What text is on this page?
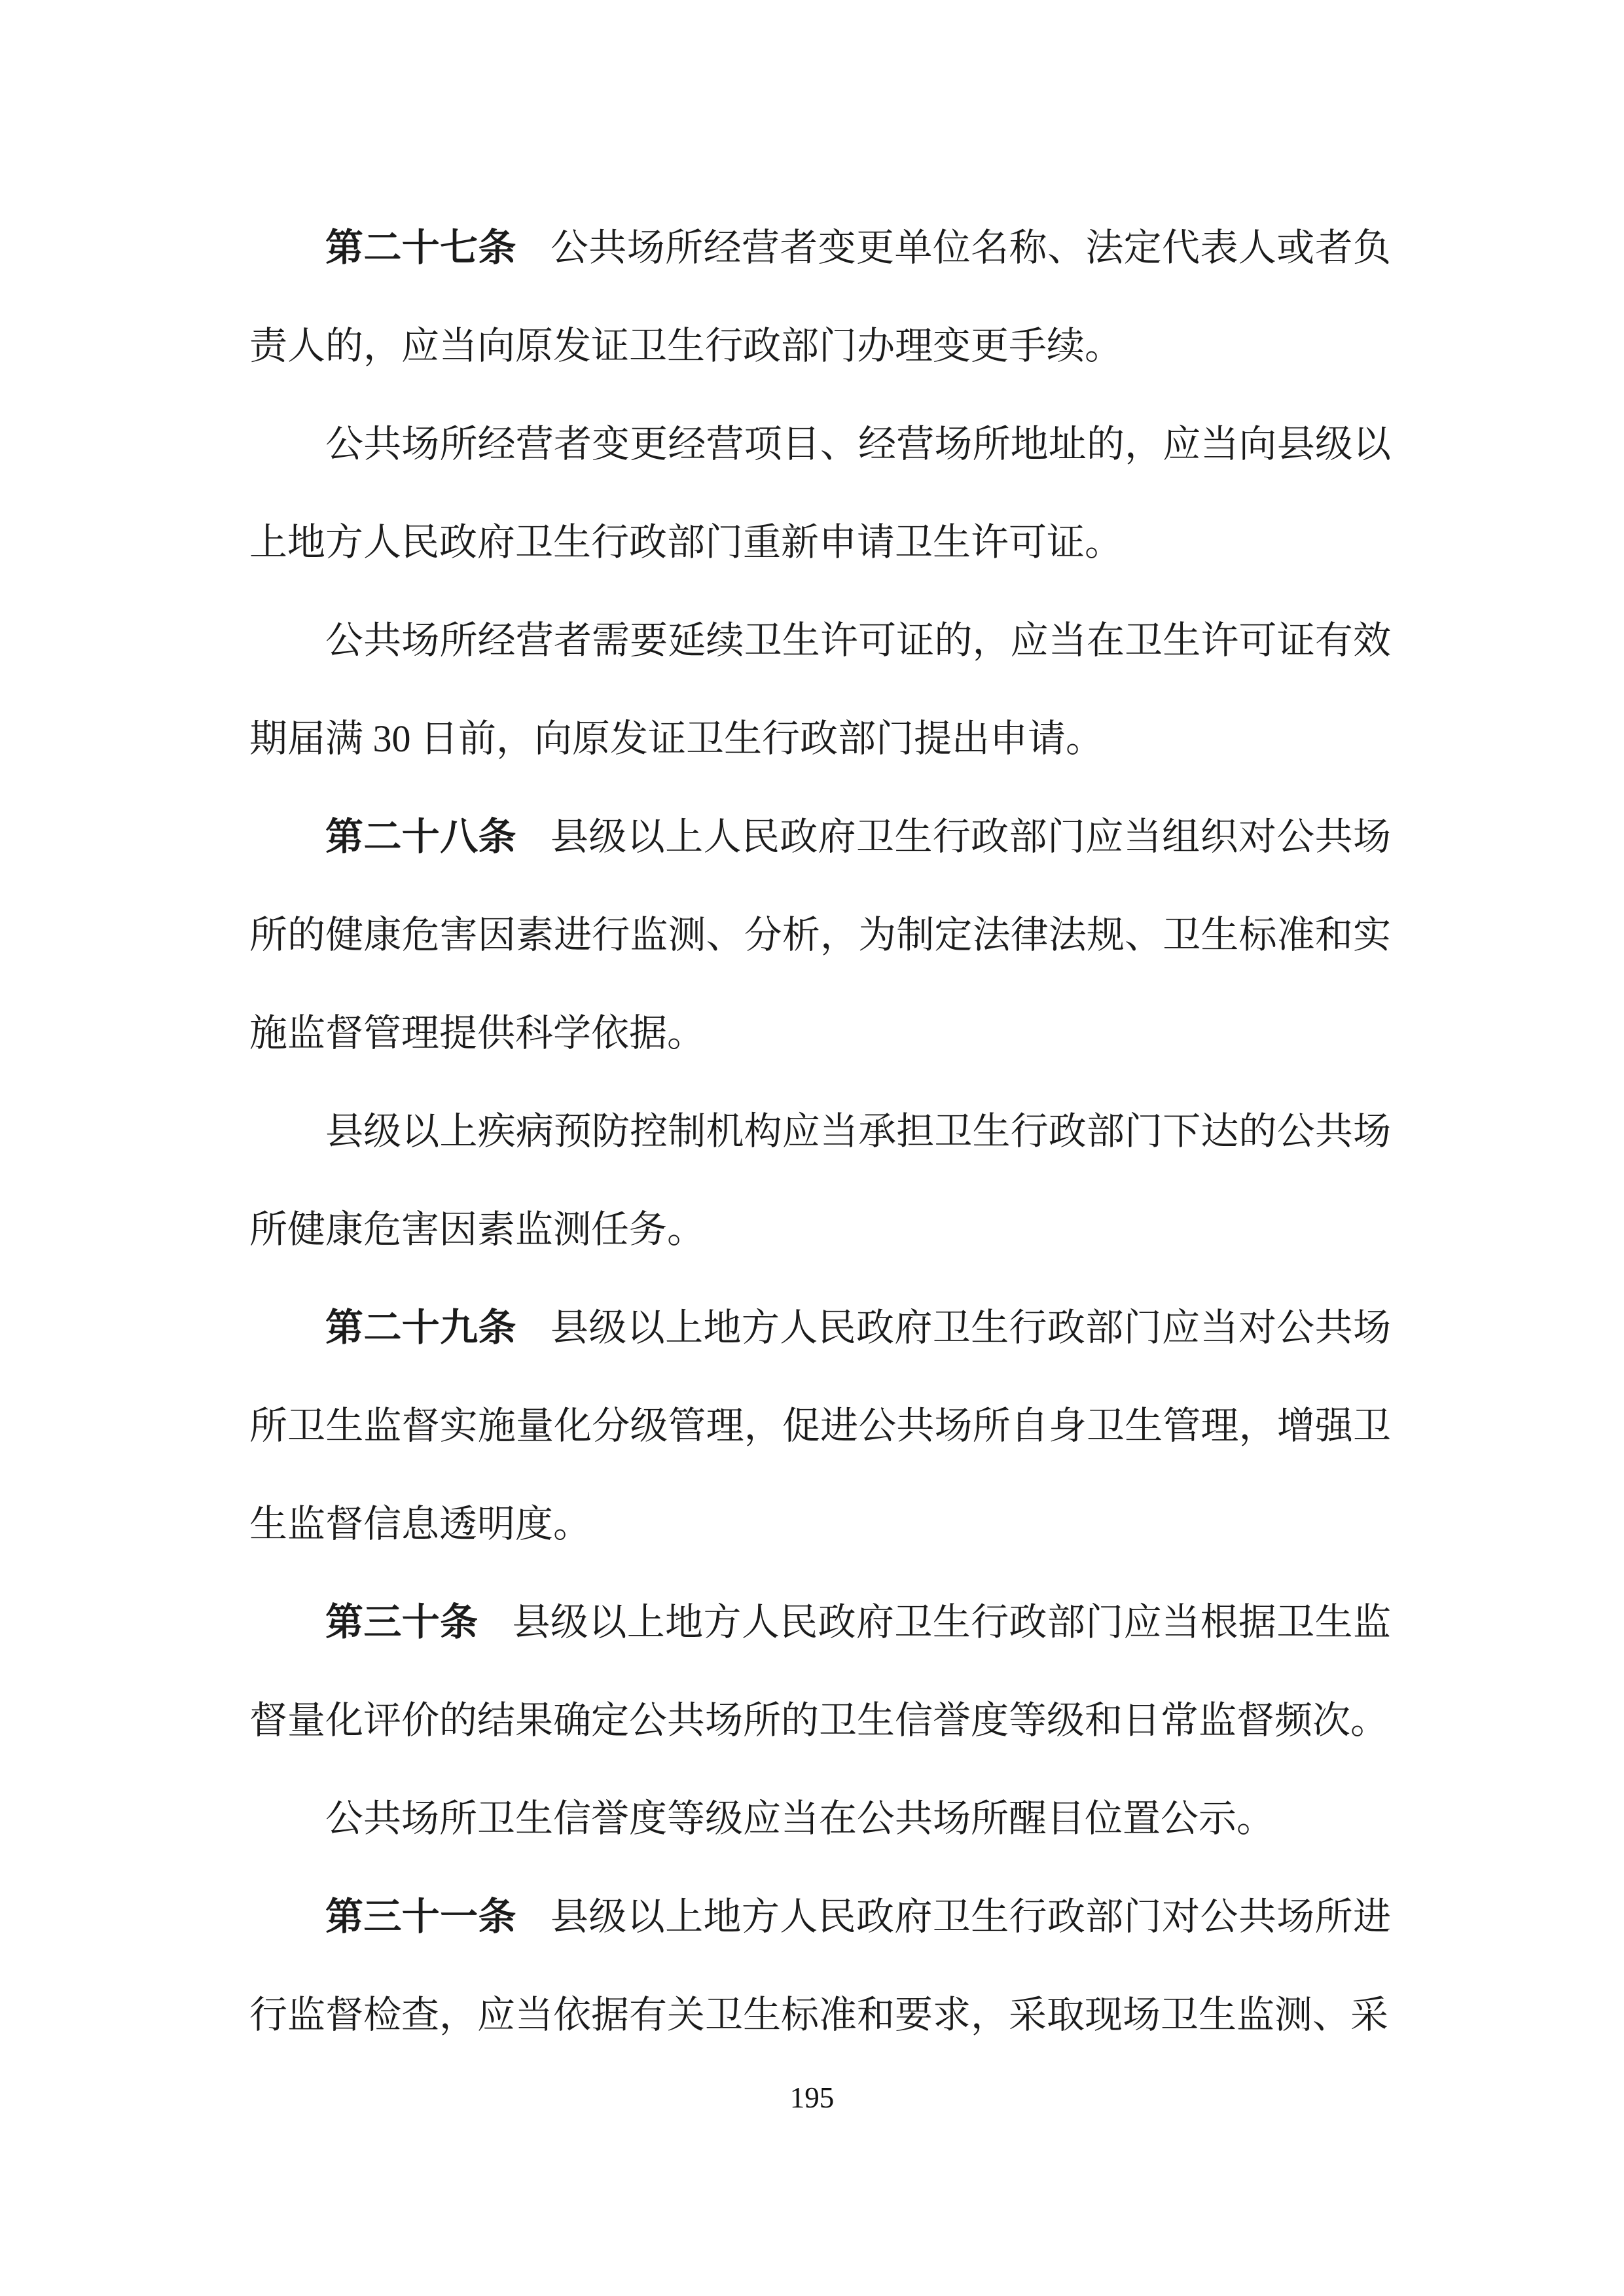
第二十七条 公共场所经营者变更单位名称、法定代表人或者负责人的，应当向原发证卫生行政部门办理变更手续。

公共场所经营者变更经营项目、经营场所地址的，应当向县级以上地方人民政府卫生行政部门重新申请卫生许可证。

公共场所经营者需要延续卫生许可证的，应当在卫生许可证有效期届满 30 日前，向原发证卫生行政部门提出申请。

第二十八条 县级以上人民政府卫生行政部门应当组织对公共场所的健康危害因素进行监测、分析，为制定法律法规、卫生标准和实施监督管理提供科学依据。

县级以上疾病预防控制机构应当承担卫生行政部门下达的公共场所健康危害因素监测任务。

第二十九条 县级以上地方人民政府卫生行政部门应当对公共场所卫生监督实施量化分级管理，促进公共场所自身卫生管理，增强卫生监督信息透明度。

第三十条 县级以上地方人民政府卫生行政部门应当根据卫生监督量化评价的结果确定公共场所的卫生信誉度等级和日常监督频次。

公共场所卫生信誉度等级应当在公共场所醒目位置公示。

第三十一条 县级以上地方人民政府卫生行政部门对公共场所进行监督检查，应当依据有关卫生标准和要求，采取现场卫生监测、采

195
